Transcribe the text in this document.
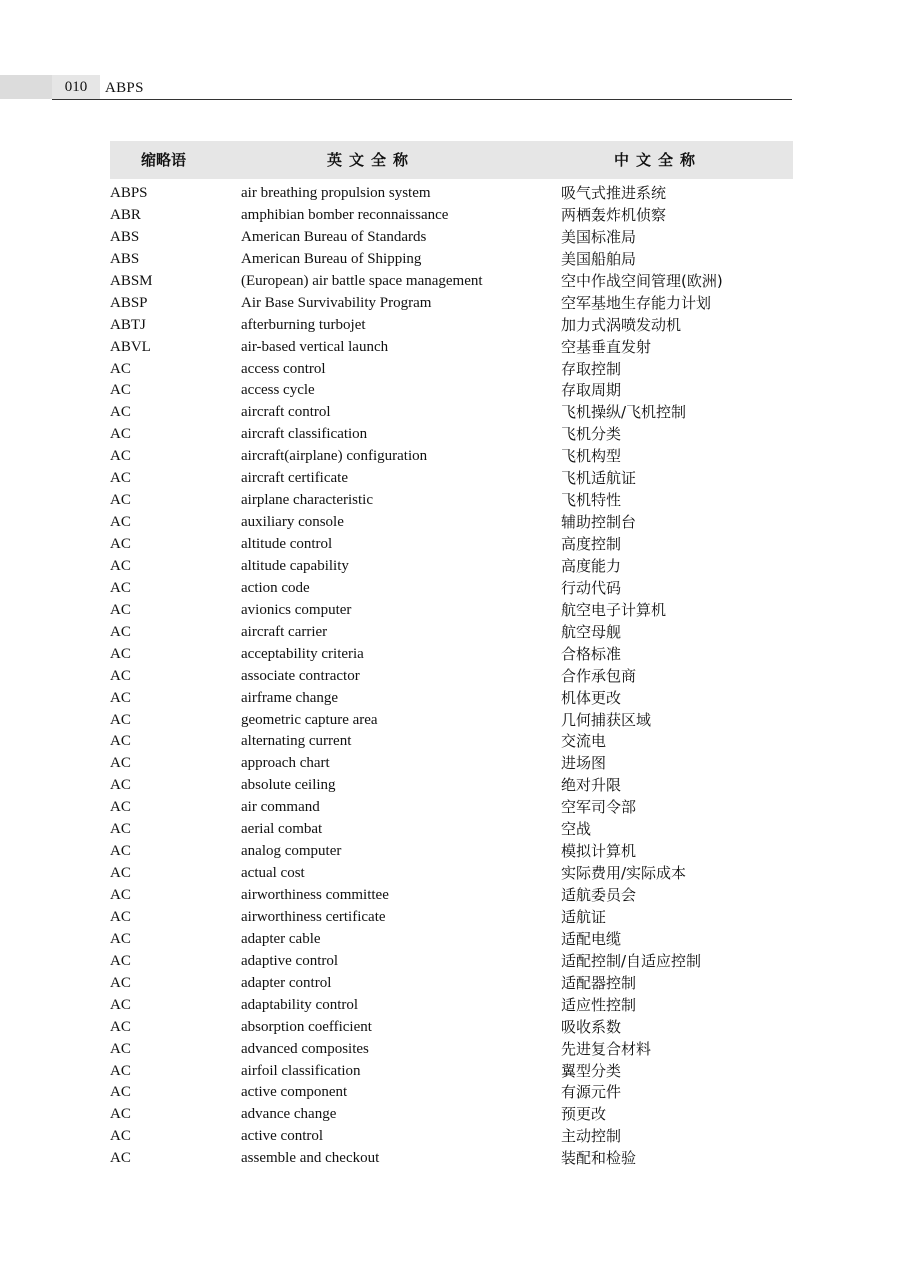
010	ABPS
缩略语	英文全称	中文全称
ABPS	air breathing propulsion system	吸气式推进系统
ABR	amphibian bomber reconnaissance	两栖轰炸机侦察
ABS	American Bureau of Standards	美国标准局
ABS	American Bureau of Shipping	美国船舶局
ABSM	(European) air battle space management	空中作战空间管理(欧洲)
ABSP	Air Base Survivability Program	空军基地生存能力计划
ABTJ	afterburning turbojet	加力式涡喷发动机
ABVL	air-based vertical launch	空基垂直发射
AC	access control	存取控制
AC	access cycle	存取周期
AC	aircraft control	飞机操纵/飞机控制
AC	aircraft classification	飞机分类
AC	aircraft(airplane) configuration	飞机构型
AC	aircraft certificate	飞机适航证
AC	airplane characteristic	飞机特性
AC	auxiliary console	辅助控制台
AC	altitude control	高度控制
AC	altitude capability	高度能力
AC	action code	行动代码
AC	avionics computer	航空电子计算机
AC	aircraft carrier	航空母舰
AC	acceptability criteria	合格标准
AC	associate contractor	合作承包商
AC	airframe change	机体更改
AC	geometric capture area	几何捕获区域
AC	alternating current	交流电
AC	approach chart	进场图
AC	absolute ceiling	绝对升限
AC	air command	空军司令部
AC	aerial combat	空战
AC	analog computer	模拟计算机
AC	actual cost	实际费用/实际成本
AC	airworthiness committee	适航委员会
AC	airworthiness certificate	适航证
AC	adapter cable	适配电缆
AC	adaptive control	适配控制/自适应控制
AC	adapter control	适配器控制
AC	adaptability control	适应性控制
AC	absorption coefficient	吸收系数
AC	advanced composites	先进复合材料
AC	airfoil classification	翼型分类
AC	active component	有源元件
AC	advance change	预更改
AC	active control	主动控制
AC	assemble and checkout	装配和检验
